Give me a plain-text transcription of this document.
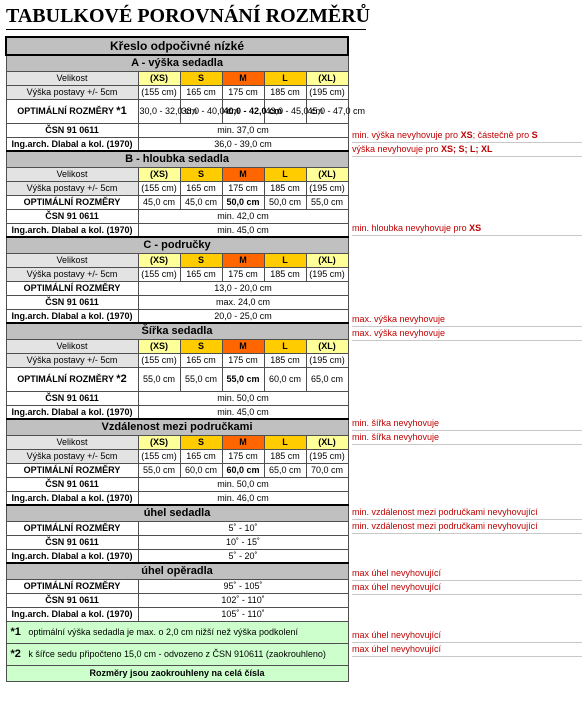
TABULKOVÉ POROVNÁNÍ ROZMĚRŮ
Křeslo odpočivné nízké					
A - výška sedadla					
Velikost	(XS)	S	M	L	(XL)
Výška postavy +/- 5cm	(155 cm)	165 cm	175 cm	185 cm	(195 cm)
OPTIMÁLNÍ ROZMĚRY *1	30,0 - 32,0 cm	38,0 - 40,0 cm	40,0 - 42,0 cm	43,0 - 45,0 cm	45,0 - 47,0 cm
ČSN 91 0611	min. 37,0 cm				
Ing.arch. Dlabal a kol. (1970)	36,0 - 39,0 cm				
B - hloubka sedadla					
Velikost	(XS)	S	M	L	(XL)
Výška postavy +/- 5cm	(155 cm)	165 cm	175 cm	185 cm	(195 cm)
OPTIMÁLNÍ ROZMĚRY	45,0 cm	45,0 cm	50,0 cm	50,0 cm	55,0 cm
ČSN 91 0611	min. 42,0 cm				
Ing.arch. Dlabal a kol. (1970)	min. 45,0 cm				
C - područky					
Velikost	(XS)	S	M	L	(XL)
Výška postavy +/- 5cm	(155 cm)	165 cm	175 cm	185 cm	(195 cm)
OPTIMÁLNÍ ROZMĚRY	13,0 - 20,0 cm				
ČSN 91 0611	max. 24,0 cm				
Ing.arch. Dlabal a kol. (1970)	20,0 - 25,0 cm				
Šířka sedadla					
Velikost	(XS)	S	M	L	(XL)
Výška postavy +/- 5cm	(155 cm)	165 cm	175 cm	185 cm	(195 cm)
OPTIMÁLNÍ ROZMĚRY *2	55,0 cm	55,0 cm	55,0 cm	60,0 cm	65,0 cm
ČSN 91 0611	min. 50,0 cm				
Ing.arch. Dlabal a kol. (1970)	min. 45,0 cm				
Vzdálenost mezi područkami					
Velikost	(XS)	S	M	L	(XL)
Výška postavy +/- 5cm	(155 cm)	165 cm	175 cm	185 cm	(195 cm)
OPTIMÁLNÍ ROZMĚRY	55,0 cm	60,0 cm	60,0 cm	65,0 cm	70,0 cm
ČSN 91 0611	min. 50,0 cm				
Ing.arch. Dlabal a kol. (1970)	min. 46,0 cm				
úhel sedadla					
OPTIMÁLNÍ ROZMĚRY	5˚ - 10˚				
ČSN 91 0611	10˚ - 15˚				
Ing.arch. Dlabal a kol. (1970)	5˚ - 20˚				
úhel opěradla					
OPTIMÁLNÍ ROZMĚRY	95˚ - 105˚				
ČSN 91 0611	102˚ - 110˚				
Ing.arch. Dlabal a kol. (1970)	105˚ - 110˚				
*1 optimální výška sedadla je max. o 2,0 cm nižší než výška podkolení					
*2 k šířce sedu připočteno 15,0 cm - odvozeno z ČSN 910611 (zaokrouhleno)					
Rozměry jsou zaokrouhleny na celá čísla					
min. výška nevyhovuje pro XS; částečně pro S
výška nevyhovuje pro XS; S; L; XL
min. hloubka nevyhovuje pro XS
max. výška nevyhovuje
max. výška nevyhovuje
min. šířka nevyhovuje
min. šířka nevyhovuje
min. vzdálenost mezi područkami nevyhovující
min. vzdálenost mezi područkami nevyhovující
max úhel nevyhovující
max úhel nevyhovující
max úhel nevyhovující
max úhel nevyhovující
